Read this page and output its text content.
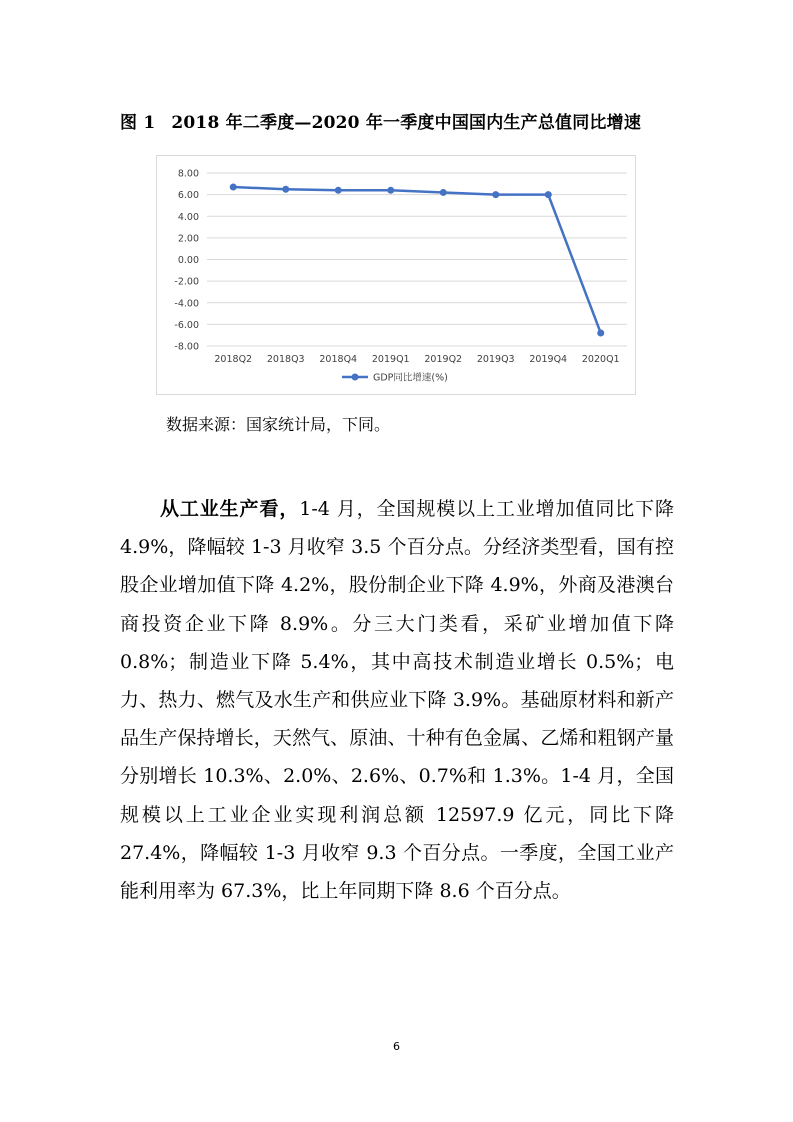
图 1 2018 年二季度—2020 年一季度中国国内生产总值同比增速
8.00
6.00
4.00
2.00
0.00
-2.00
-4.00
-6.00
-8.00
2018Q2 2018Q3 2018Q4 2019Q1 2019Q2 2019Q3 2019Q4 2020Q1
GDP同比增速(%)
数据来源：国家统计局，下同。
从工业生产看，1-4 月，全国规模以上工业增加值同比下降 4.9%，降幅较 1-3 月收窄 3.5 个百分点。分经济类型看，国有控股企业增加值下降 4.2%，股份制企业下降 4.9%，外商及港澳台商投资企业下降 8.9%。分三大门类看，采矿业增加值下降 0.8%；制造业下降 5.4%，其中高技术制造业增长 0.5%；电力、热力、燃气及水生产和供应业下降 3.9%。基础原材料和新产品生产保持增长，天然气、原油、十种有色金属、乙烯和粗钢产量分别增长 10.3%、2.0%、2.6%、0.7%和 1.3%。1-4 月，全国规模以上工业企业实现利润总额 12597.9 亿元，同比下降 27.4%，降幅较 1-3 月收窄 9.3 个百分点。一季度，全国工业产能利用率为 67.3%，比上年同期下降 8.6 个百分点。
6
